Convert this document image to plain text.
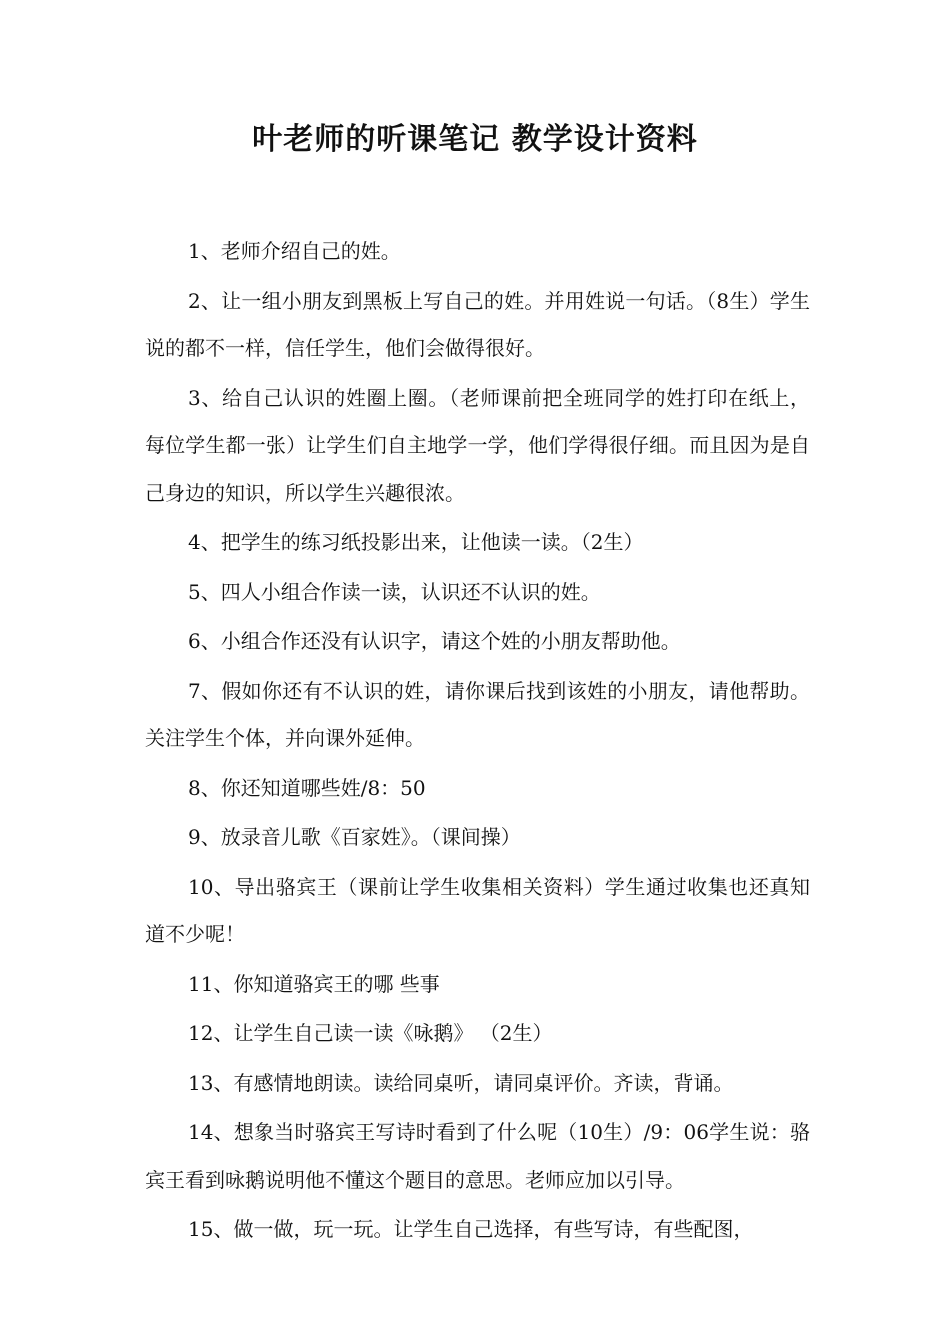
叶老师的听课笔记 教学设计资料

1、老师介绍自己的姓。

2、让一组小朋友到黑板上写自己的姓。并用姓说一句话。（8生）学生说的都不一样，信任学生，他们会做得很好。

3、给自己认识的姓圈上圈。（老师课前把全班同学的姓打印在纸上，每位学生都一张）让学生们自主地学一学，他们学得很仔细。而且因为是自己身边的知识，所以学生兴趣很浓。

4、把学生的练习纸投影出来，让他读一读。（2生）

5、四人小组合作读一读，认识还不认识的姓。

6、小组合作还没有认识字，请这个姓的小朋友帮助他。

7、假如你还有不认识的姓，请你课后找到该姓的小朋友，请他帮助。关注学生个体，并向课外延伸。

8、你还知道哪些姓/8：50

9、放录音儿歌《百家姓》。（课间操）

10、导出骆宾王（课前让学生收集相关资料）学生通过收集也还真知道不少呢！

11、你知道骆宾王的哪 些事

12、让学生自己读一读《咏鹅》 （2生）

13、有感情地朗读。读给同桌听，请同桌评价。齐读，背诵。

14、想象当时骆宾王写诗时看到了什么呢（10生）/9：06学生说：骆宾王看到咏鹅说明他不懂这个题目的意思。老师应加以引导。

15、做一做，玩一玩。让学生自己选择，有些写诗，有些配图，
